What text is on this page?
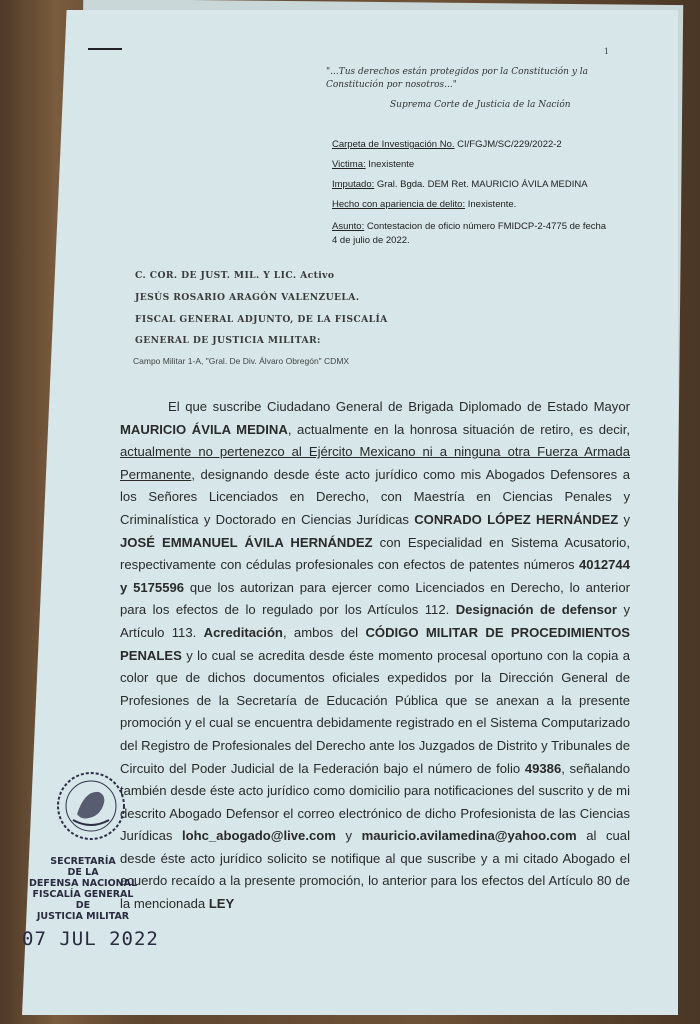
1
"...Tus derechos están protegidos por la Constitución y la Constitución por nosotros..."
Suprema Corte de Justicia de la Nación
Carpeta de Investigación No. CI/FGJM/SC/229/2022-2
Victima: Inexistente
Imputado: Gral. Bgda. DEM Ret. MAURICIO ÁVILA MEDINA
Hecho con apariencia de delito: Inexistente.
Asunto: Contestacion de oficio número FMIDCP-2-4775 de fecha
4 de julio de 2022.
C. COR. DE JUST. MIL. Y LIC. Activo
JESÚS ROSARIO ARAGÓN VALENZUELA.
FISCAL GENERAL ADJUNTO, DE LA FISCALÍA
GENERAL DE JUSTICIA MILITAR:
Campo Militar 1-A, "Gral. De Div. Álvaro Obregón" CDMX

El que suscribe Ciudadano General de Brigada Diplomado de Estado Mayor MAURICIO ÁVILA MEDINA, actualmente en la honrosa situación de retiro, es decir, actualmente no pertenezco al Ejército Mexicano ni a ninguna otra Fuerza Armada Permanente, designando desde éste acto jurídico como mis Abogados Defensores a los Señores Licenciados en Derecho, con Maestría en Ciencias Penales y Criminalística y Doctorado en Ciencias Jurídicas CONRADO LÓPEZ HERNÁNDEZ y JOSÉ EMMANUEL ÁVILA HERNÁNDEZ con Especialidad en Sistema Acusatorio, respectivamente con cédulas profesionales con efectos de patentes números 4012744 y 5175596 que los autorizan para ejercer como Licenciados en Derecho, lo anterior para los efectos de lo regulado por los Artículos 112. Designación de defensor y Artículo 113. Acreditación, ambos del CÓDIGO MILITAR DE PROCEDIMIENTOS PENALES y lo cual se acredita desde éste momento procesal oportuno con la copia a color que de dichos documentos oficiales expedidos por la Dirección General de Profesiones de la Secretaría de Educación Pública que se anexan a la presente promoción y el cual se encuentra debidamente registrado en el Sistema Computarizado del Registro de Profesionales del Derecho ante los Juzgados de Distrito y Tribunales de Circuito del Poder Judicial de la Federación bajo el número de folio 49386, señalando también desde éste acto jurídico como domicilio para notificaciones del suscrito y de mi descrito Abogado Defensor el correo electrónico de dicho Profesionista de las Ciencias Jurídicas lohc_abogado@live.com y mauricio.avilamedina@yahoo.com al cual desde éste acto jurídico solicito se notifique al que suscribe y a mi citado Abogado el acuerdo recaído a la presente promoción, lo anterior para los efectos del Artículo 80 de la mencionada LEY

SECRETARÍA
DE LA
DEFENSA NACIONAL
FISCALÍA GENERAL DE
JUSTICIA MILITAR
07 JUL 2022
